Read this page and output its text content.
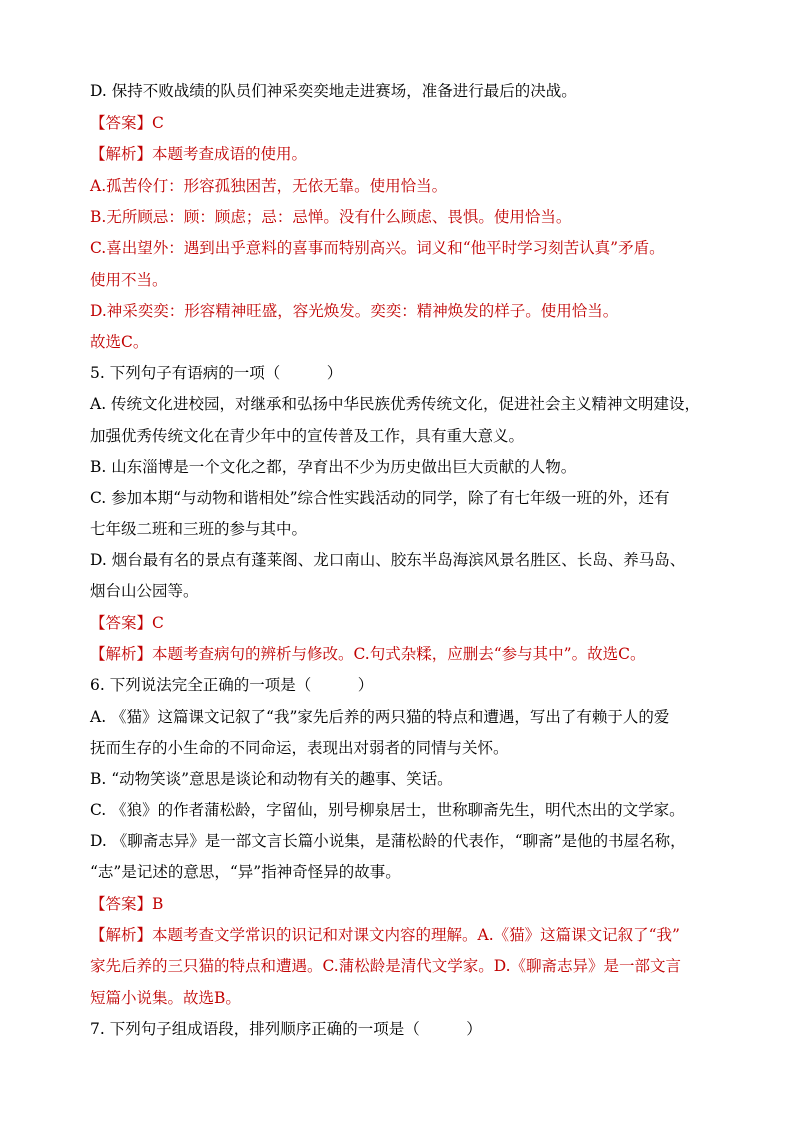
D. 保持不败战绩的队员们神采奕奕地走进赛场，准备进行最后的决战。
【答案】C
【解析】本题考查成语的使用。
A.孤苦伶仃：形容孤独困苦，无依无靠。使用恰当。
B.无所顾忌：顾：顾虑；忌：忌惮。没有什么顾虑、畏惧。使用恰当。
C.喜出望外：遇到出乎意料的喜事而特别高兴。词义和“他平时学习刻苦认真”矛盾。
使用不当。
D.神采奕奕：形容精神旺盛，容光焕发。奕奕：精神焕发的样子。使用恰当。
故选C。
5. 下列句子有语病的一项（　　　）
A. 传统文化进校园，对继承和弘扬中华民族优秀传统文化，促进社会主义精神文明建设，
加强优秀传统文化在青少年中的宣传普及工作，具有重大意义。
B. 山东淄博是一个文化之都，孕育出不少为历史做出巨大贡献的人物。
C. 参加本期“与动物和谐相处”综合性实践活动的同学，除了有七年级一班的外，还有
七年级二班和三班的参与其中。
D. 烟台最有名的景点有蓬莱阁、龙口南山、胶东半岛海滨风景名胜区、长岛、养马岛、
烟台山公园等。
【答案】C
【解析】本题考查病句的辨析与修改。C.句式杂糅，应删去“参与其中”。故选C。
6. 下列说法完全正确的一项是（　　　）
A. 《猫》这篇课文记叙了“我”家先后养的两只猫的特点和遭遇，写出了有赖于人的爱
抚而生存的小生命的不同命运，表现出对弱者的同情与关怀。
B. “动物笑谈”意思是谈论和动物有关的趣事、笑话。
C. 《狼》的作者蒲松龄，字留仙，别号柳泉居士，世称聊斋先生，明代杰出的文学家。
D. 《聊斋志异》是一部文言长篇小说集，是蒲松龄的代表作，“聊斋”是他的书屋名称，
“志”是记述的意思，“异”指神奇怪异的故事。
【答案】B
【解析】本题考查文学常识的识记和对课文内容的理解。A.《猫》这篇课文记叙了“我”
家先后养的三只猫的特点和遭遇。C.蒲松龄是清代文学家。D.《聊斋志异》是一部文言
短篇小说集。故选B。
7. 下列句子组成语段，排列顺序正确的一项是（　　　）
